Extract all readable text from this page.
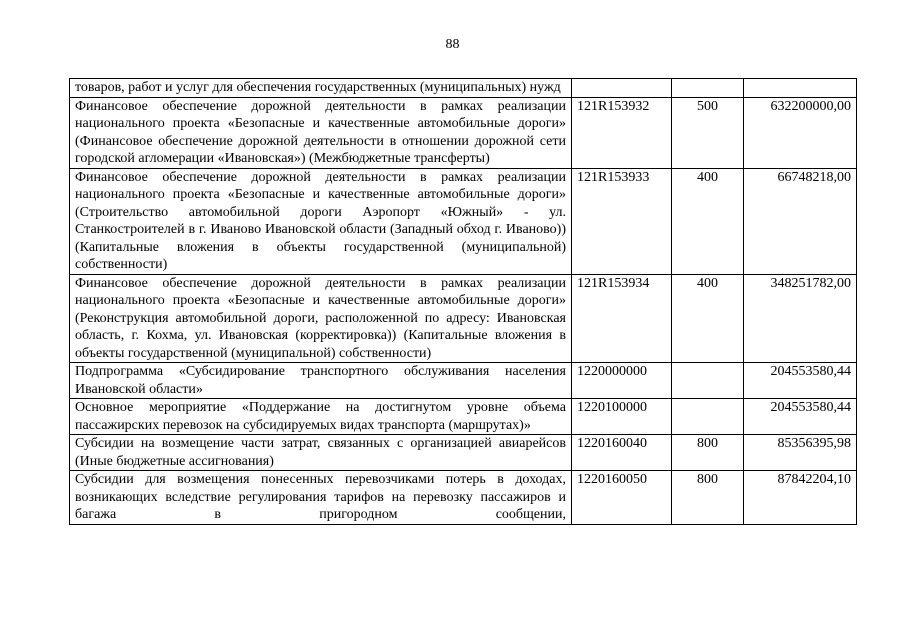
88
товаров, работ и услуг для обеспечения государственных (муниципальных) нужд			
Финансовое обеспечение дорожной деятельности в рамках реализации национального проекта «Безопасные и качественные автомобильные дороги» (Финансовое обеспечение дорожной деятельности в отношении дорожной сети городской агломерации «Ивановская») (Межбюджетные трансферты)	121R153932	500	632200000,00
Финансовое обеспечение дорожной деятельности в рамках реализации национального проекта «Безопасные и качественные автомобильные дороги» (Строительство автомобильной дороги Аэропорт «Южный» - ул. Станкостроителей в г. Иваново Ивановской области (Западный обход г. Иваново)) (Капитальные вложения в объекты государственной (муниципальной) собственности)	121R153933	400	66748218,00
Финансовое обеспечение дорожной деятельности в рамках реализации национального проекта «Безопасные и качественные автомобильные дороги» (Реконструкция автомобильной дороги, расположенной по адресу: Ивановская область, г. Кохма, ул. Ивановская (корректировка)) (Капитальные вложения в объекты государственной (муниципальной) собственности)	121R153934	400	348251782,00
Подпрограмма «Субсидирование транспортного обслуживания населения Ивановской области»	1220000000		204553580,44
Основное мероприятие «Поддержание на достигнутом уровне объема пассажирских перевозок на субсидируемых видах транспорта (маршрутах)»	1220100000		204553580,44
Субсидии на возмещение части затрат, связанных с организацией авиарейсов (Иные бюджетные ассигнования)	1220160040	800	85356395,98
Субсидии для возмещения понесенных перевозчиками потерь в доходах, возникающих вследствие регулирования тарифов на перевозку пассажиров и багажа в пригородном сообщении,	1220160050	800	87842204,10
